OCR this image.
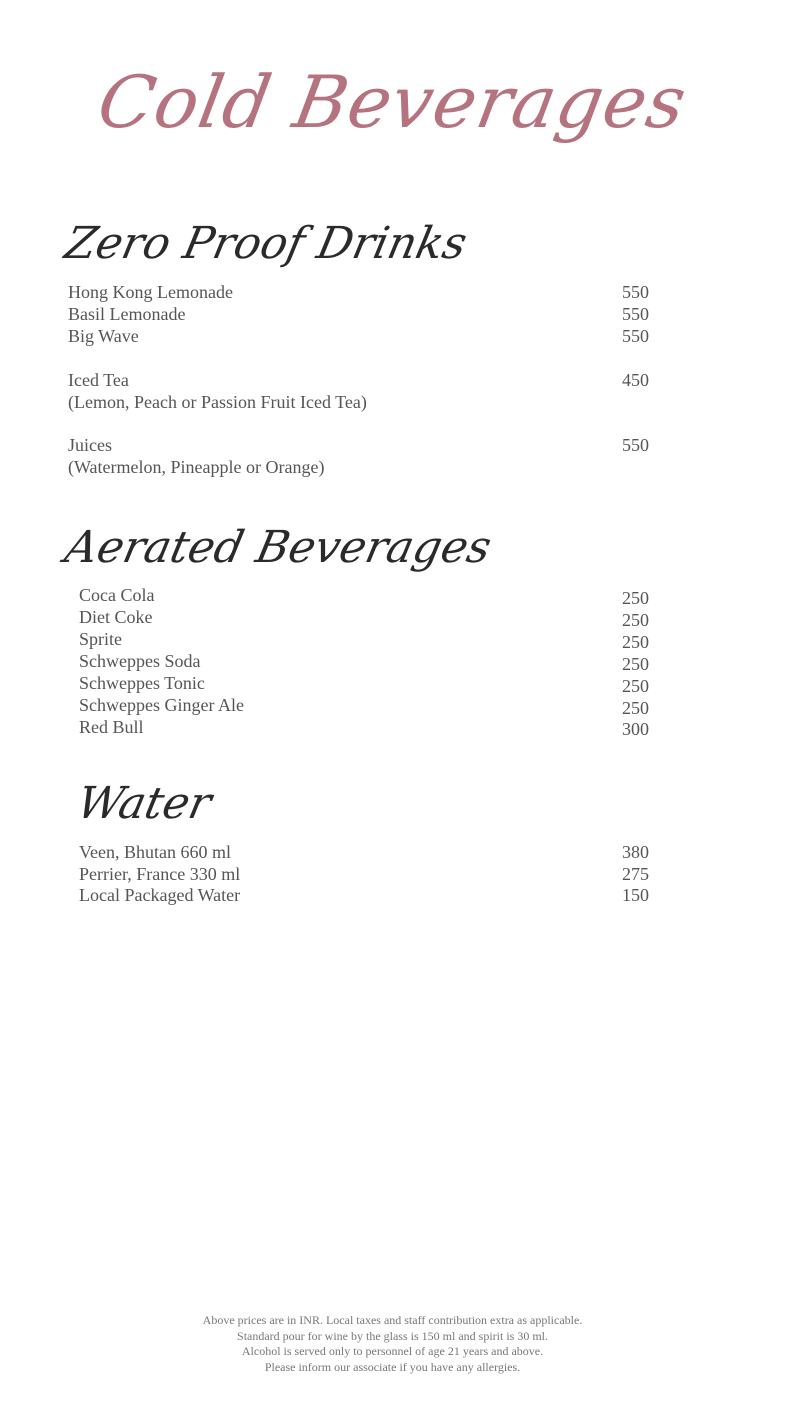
Cold Beverages
Zero Proof Drinks
Hong Kong Lemonade	550
Basil Lemonade	550
Big Wave	550
Iced Tea	450
(Lemon, Peach or Passion Fruit Iced Tea)
Juices	550
(Watermelon, Pineapple or Orange)
Aerated Beverages
Coca Cola	250
Diet Coke	250
Sprite	250
Schweppes Soda	250
Schweppes Tonic	250
Schweppes Ginger Ale	250
Red Bull	300
Water
Veen, Bhutan 660 ml	380
Perrier, France 330 ml	275
Local Packaged Water	150
Above prices are in INR. Local taxes and staff contribution extra as applicable.
Standard pour for wine by the glass is 150 ml and spirit is 30 ml.
Alcohol is served only to personnel of age 21 years and above.
Please inform our associate if you have any allergies.
